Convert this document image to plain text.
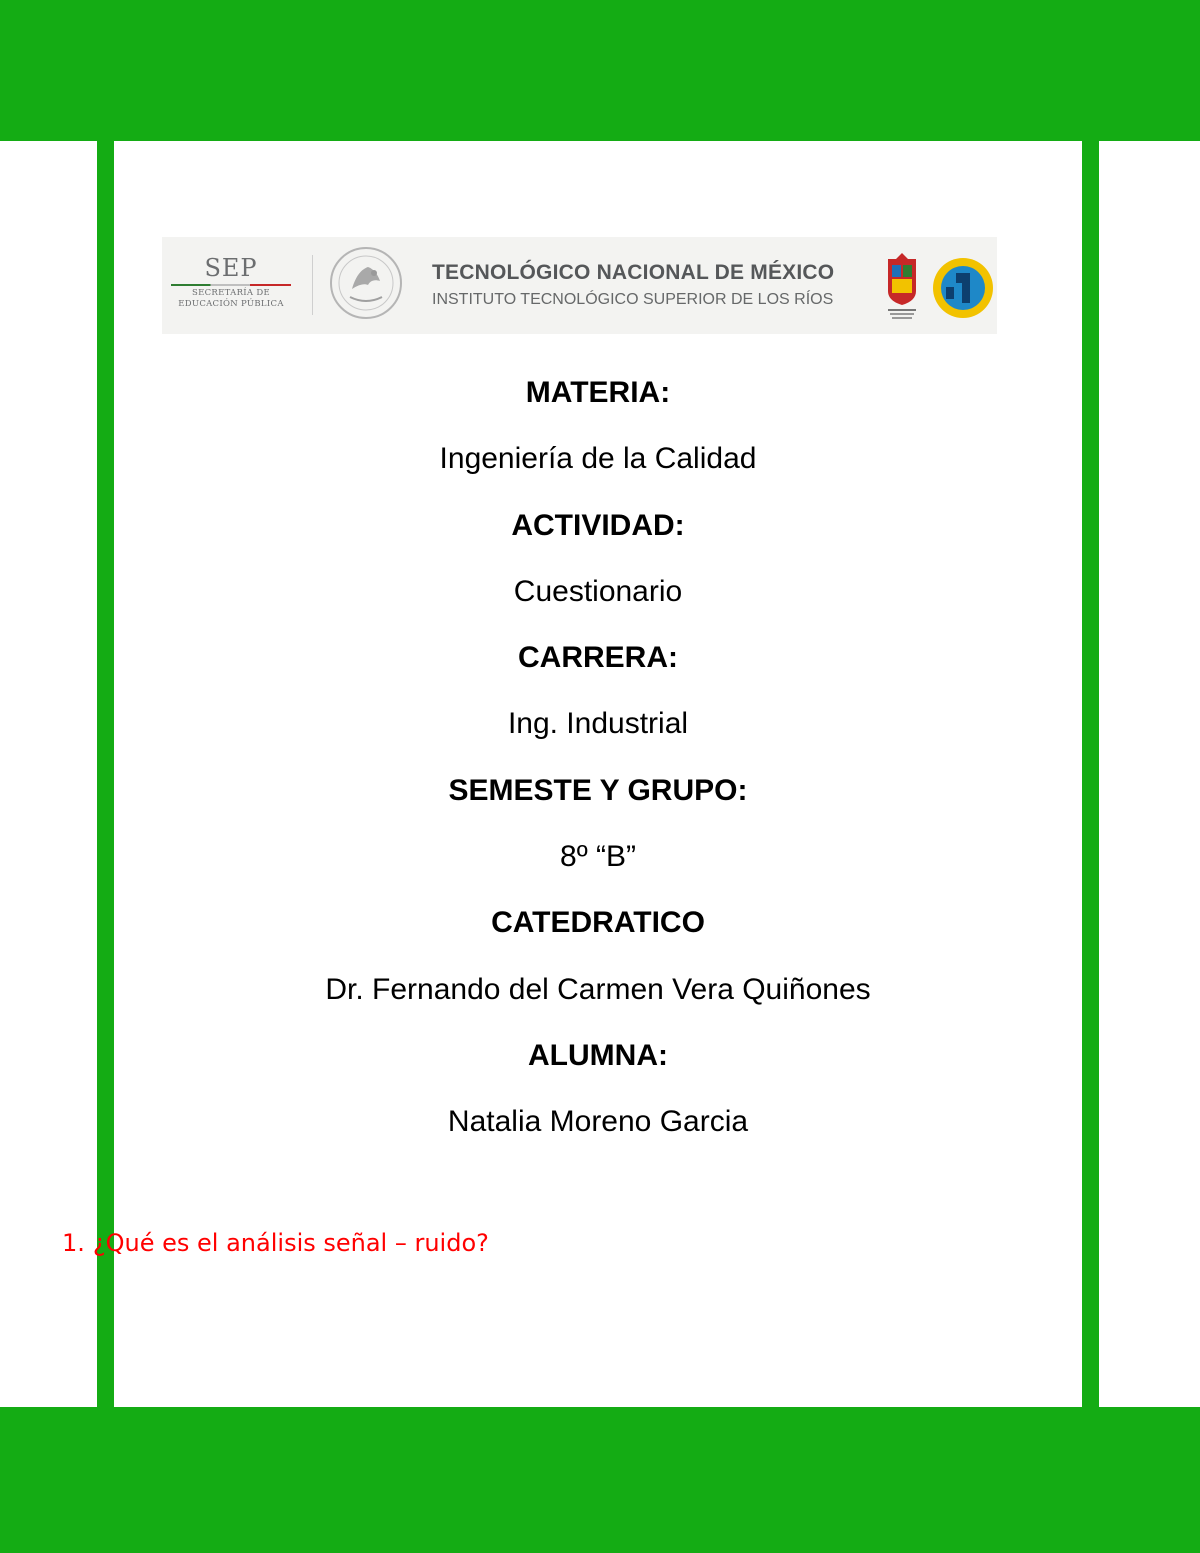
SEP
SECRETARÍA DE
EDUCACIÓN PÚBLICA
TECNOLÓGICO NACIONAL DE MÉXICO
INSTITUTO TECNOLÓGICO SUPERIOR DE LOS RÍOS
MATERIA:
Ingeniería de la Calidad
ACTIVIDAD:
Cuestionario
CARRERA:
Ing. Industrial
SEMESTE Y GRUPO:
8º “B”
CATEDRATICO
Dr. Fernando del Carmen Vera Quiñones
ALUMNA:
Natalia Moreno Garcia
1. ¿Qué es el análisis señal – ruido?
